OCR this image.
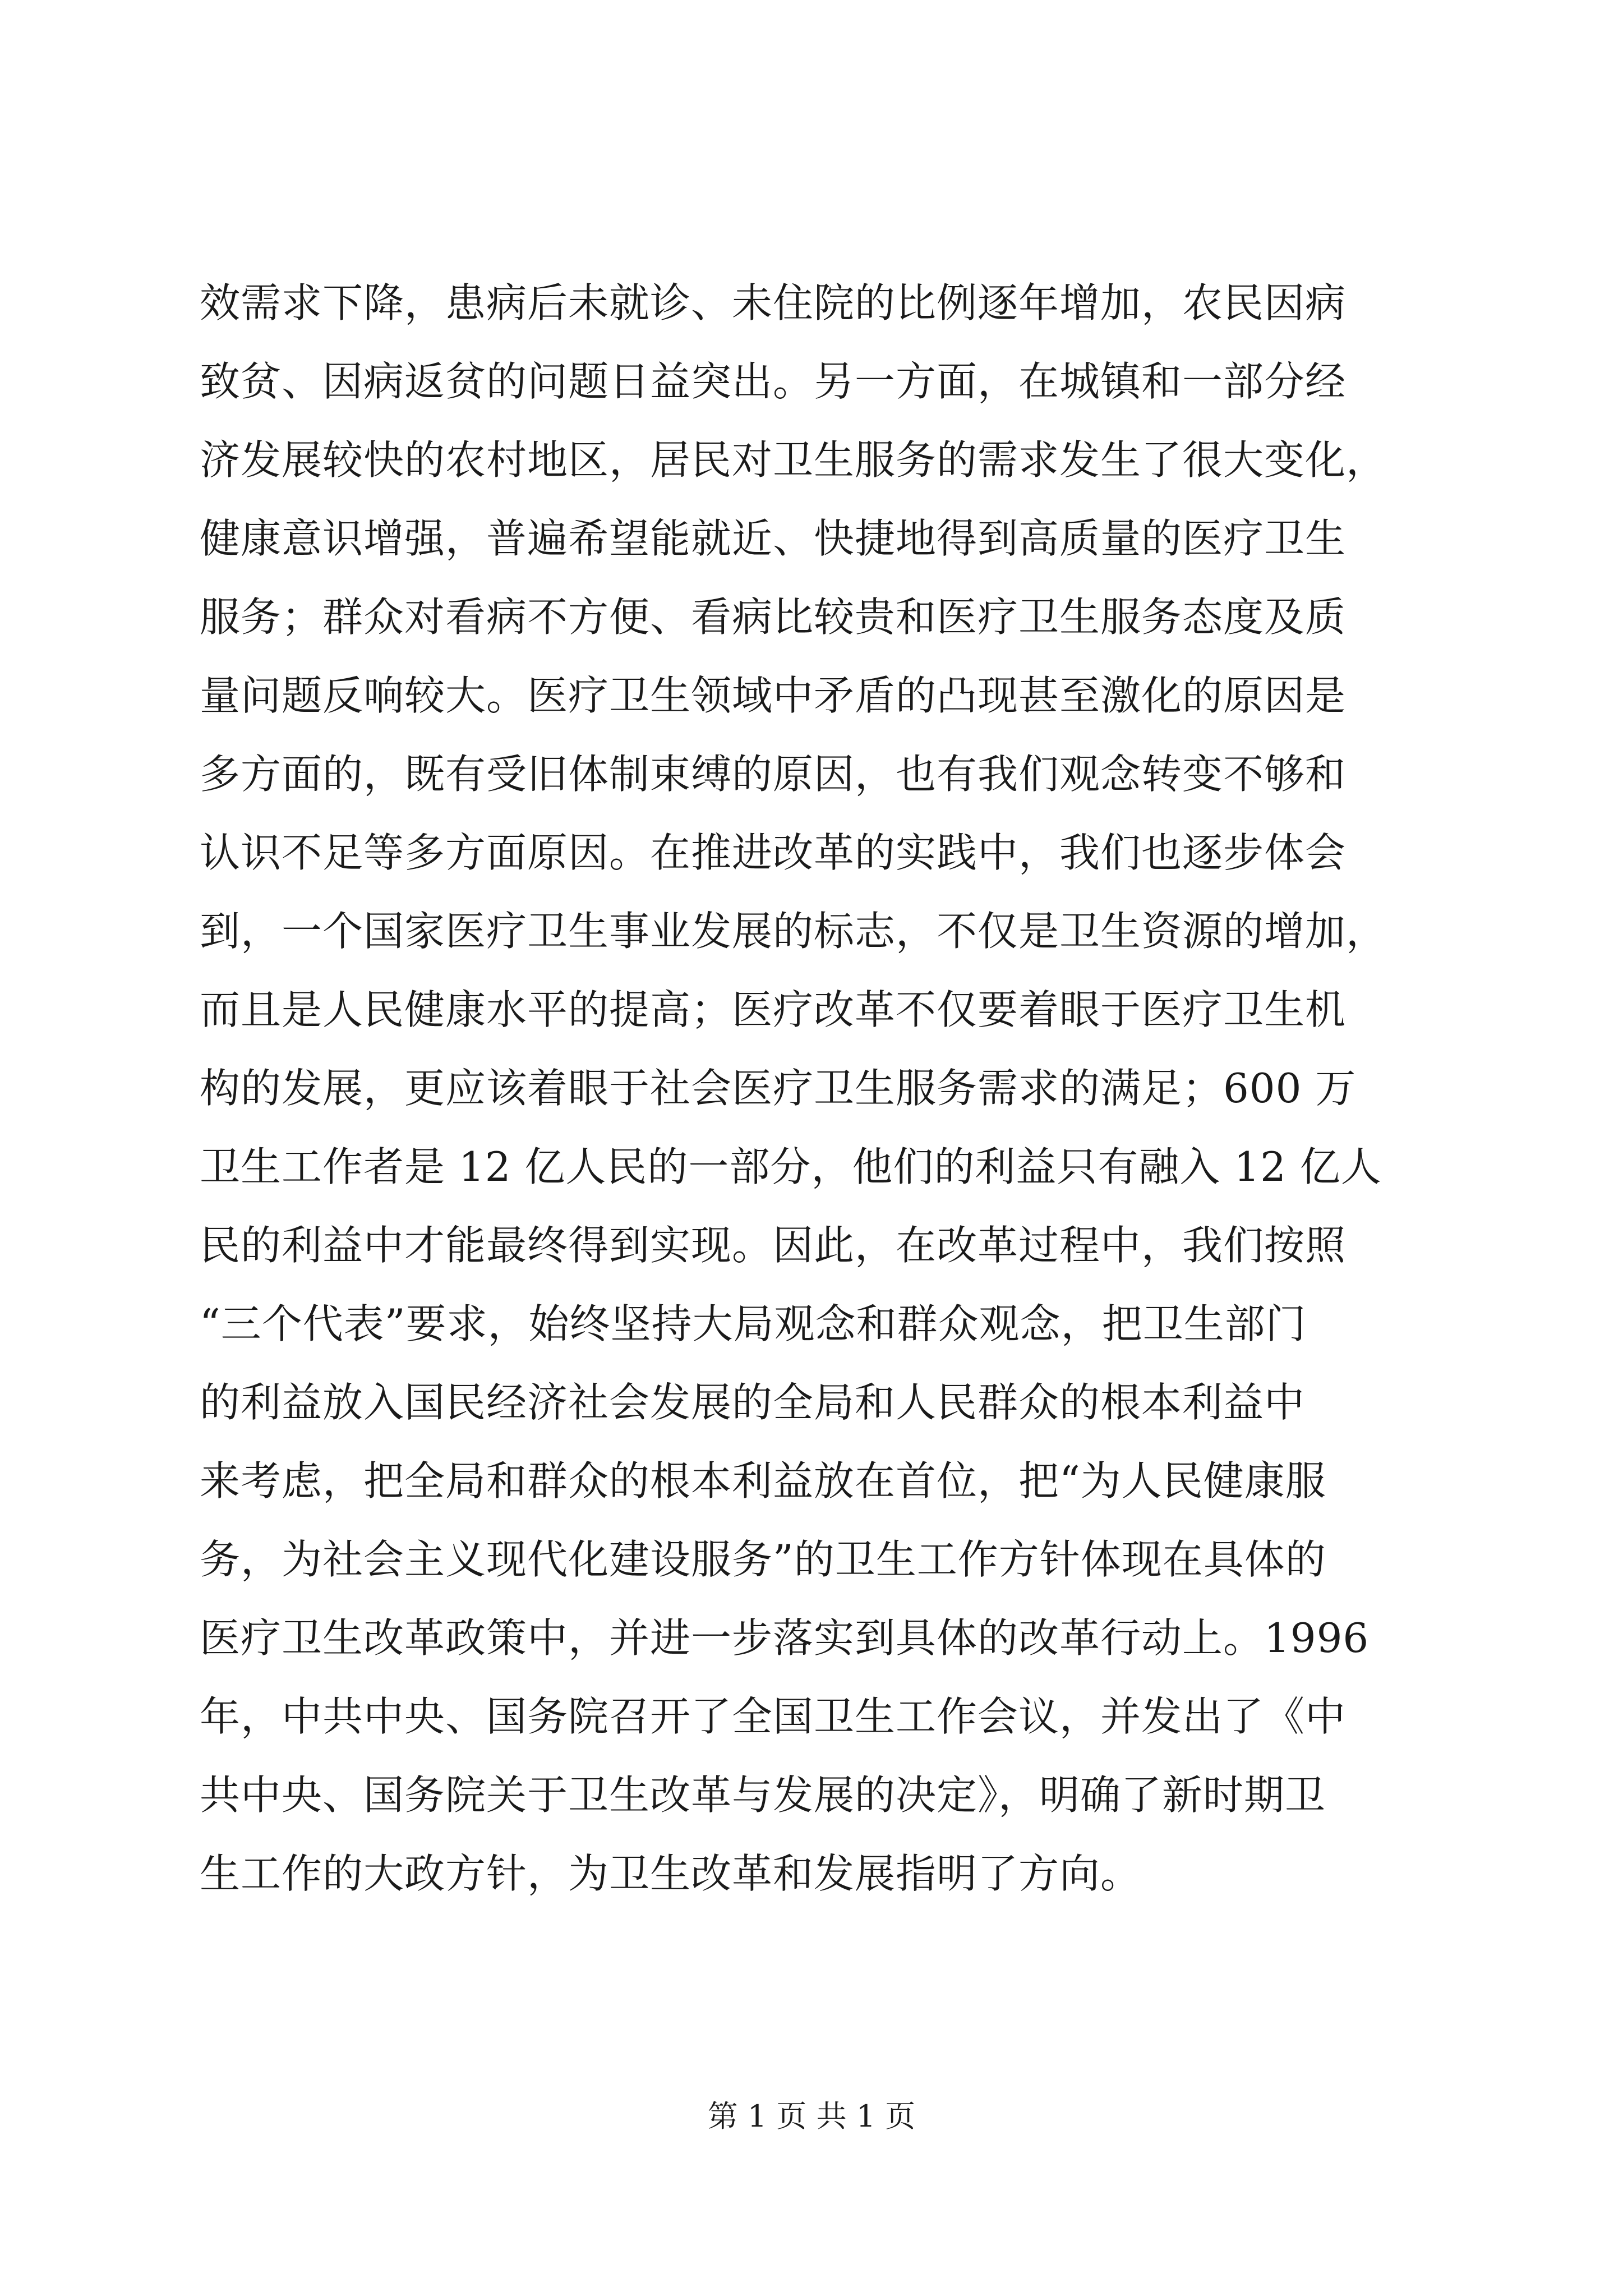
效需求下降，患病后未就诊、未住院的比例逐年增加，农民因病
致贫、因病返贫的问题日益突出。另一方面，在城镇和一部分经
济发展较快的农村地区，居民对卫生服务的需求发生了很大变化，
健康意识增强，普遍希望能就近、快捷地得到高质量的医疗卫生
服务；群众对看病不方便、看病比较贵和医疗卫生服务态度及质
量问题反响较大。医疗卫生领域中矛盾的凸现甚至激化的原因是
多方面的，既有受旧体制束缚的原因，也有我们观念转变不够和
认识不足等多方面原因。在推进改革的实践中，我们也逐步体会
到，一个国家医疗卫生事业发展的标志，不仅是卫生资源的增加，
而且是人民健康水平的提高；医疗改革不仅要着眼于医疗卫生机
构的发展，更应该着眼于社会医疗卫生服务需求的满足；600 万
卫生工作者是 12 亿人民的一部分，他们的利益只有融入 12 亿人
民的利益中才能最终得到实现。因此，在改革过程中，我们按照
“三个代表”要求，始终坚持大局观念和群众观念，把卫生部门
的利益放入国民经济社会发展的全局和人民群众的根本利益中
来考虑，把全局和群众的根本利益放在首位，把“为人民健康服
务，为社会主义现代化建设服务”的卫生工作方针体现在具体的
医疗卫生改革政策中，并进一步落实到具体的改革行动上。1996
年，中共中央、国务院召开了全国卫生工作会议，并发出了《中
共中央、国务院关于卫生改革与发展的决定》，明确了新时期卫
生工作的大政方针，为卫生改革和发展指明了方向。
第 1 页 共 1 页
